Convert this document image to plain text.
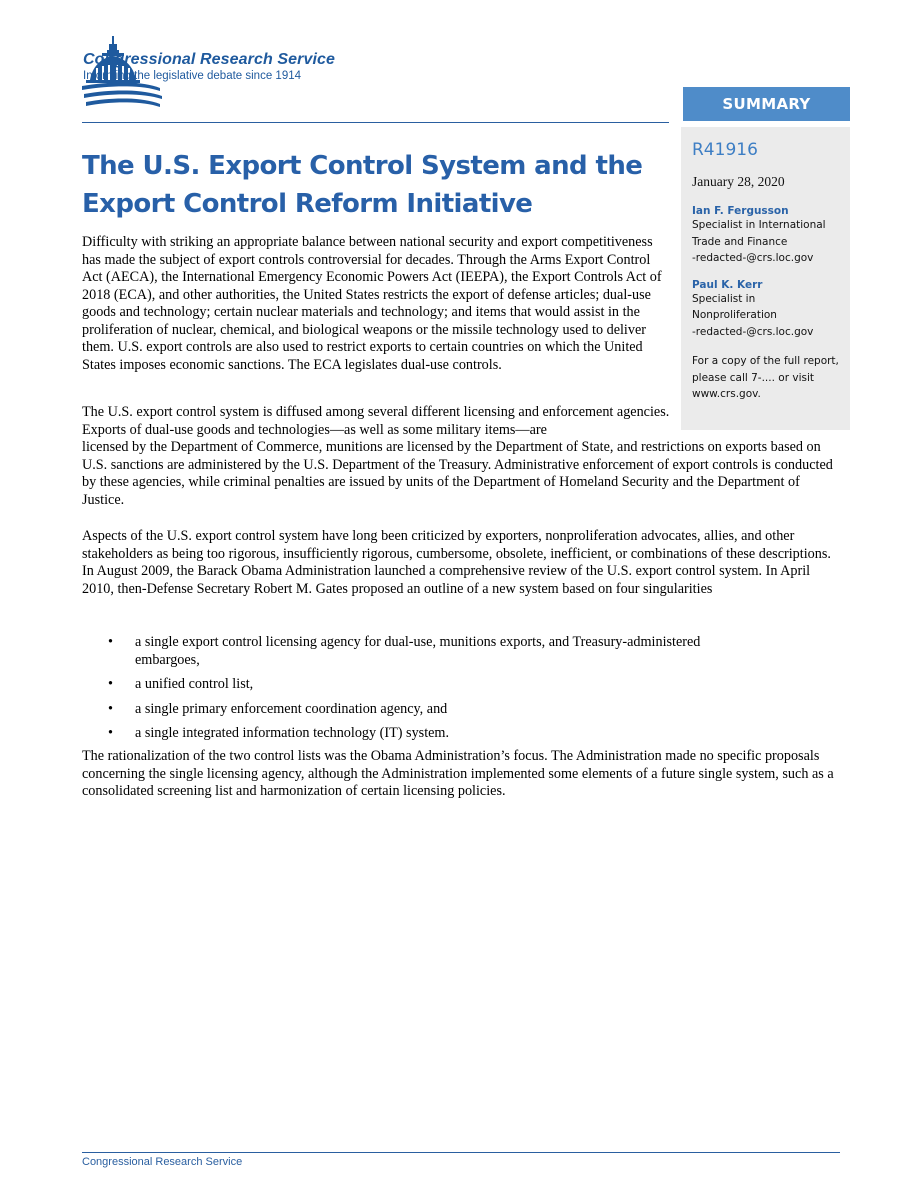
Congressional Research Service
Informing the legislative debate since 1914
SUMMARY
R41916
January 28, 2020
Ian F. Fergusson
Specialist in International
Trade and Finance
-redacted-@crs.loc.gov
Paul K. Kerr
Specialist in
Nonproliferation
-redacted-@crs.loc.gov
For a copy of the full report, please call 7-.... or visit www.crs.gov.
The U.S. Export Control System and the Export Control Reform Initiative

Difficulty with striking an appropriate balance between national security and export competitiveness has made the subject of export controls controversial for decades. Through the Arms Export Control Act (AECA), the International Emergency Economic Powers Act (IEEPA), the Export Controls Act of 2018 (ECA), and other authorities, the United States restricts the export of defense articles; dual-use goods and technology; certain nuclear materials and technology; and items that would assist in the proliferation of nuclear, chemical, and biological weapons or the missile technology used to deliver them. U.S. export controls are also used to restrict exports to certain countries on which the United States imposes economic sanctions. The ECA legislates dual-use controls.

The U.S. export control system is diffused among several different licensing and enforcement agencies. Exports of dual-use goods and technologies—as well as some military items—are

licensed by the Department of Commerce, munitions are licensed by the Department of State, and restrictions on exports based on U.S. sanctions are administered by the U.S. Department of the Treasury. Administrative enforcement of export controls is conducted by these agencies, while criminal penalties are issued by units of the Department of Homeland Security and the Department of Justice.

Aspects of the U.S. export control system have long been criticized by exporters, nonproliferation advocates, allies, and other stakeholders as being too rigorous, insufficiently rigorous, cumbersome, obsolete, inefficient, or combinations of these descriptions. In August 2009, the Barack Obama Administration launched a comprehensive review of the U.S. export control system. In April 2010, then-Defense Secretary Robert M. Gates proposed an outline of a new system based on four singularities

• a single export control licensing agency for dual-use, munitions exports, and Treasury-administered embargoes,
• a unified control list,
• a single primary enforcement coordination agency, and
• a single integrated information technology (IT) system.

The rationalization of the two control lists was the Obama Administration’s focus. The Administration made no specific proposals concerning the single licensing agency, although the Administration implemented some elements of a future single system, such as a consolidated screening list and harmonization of certain licensing policies.

Congressional Research Service
